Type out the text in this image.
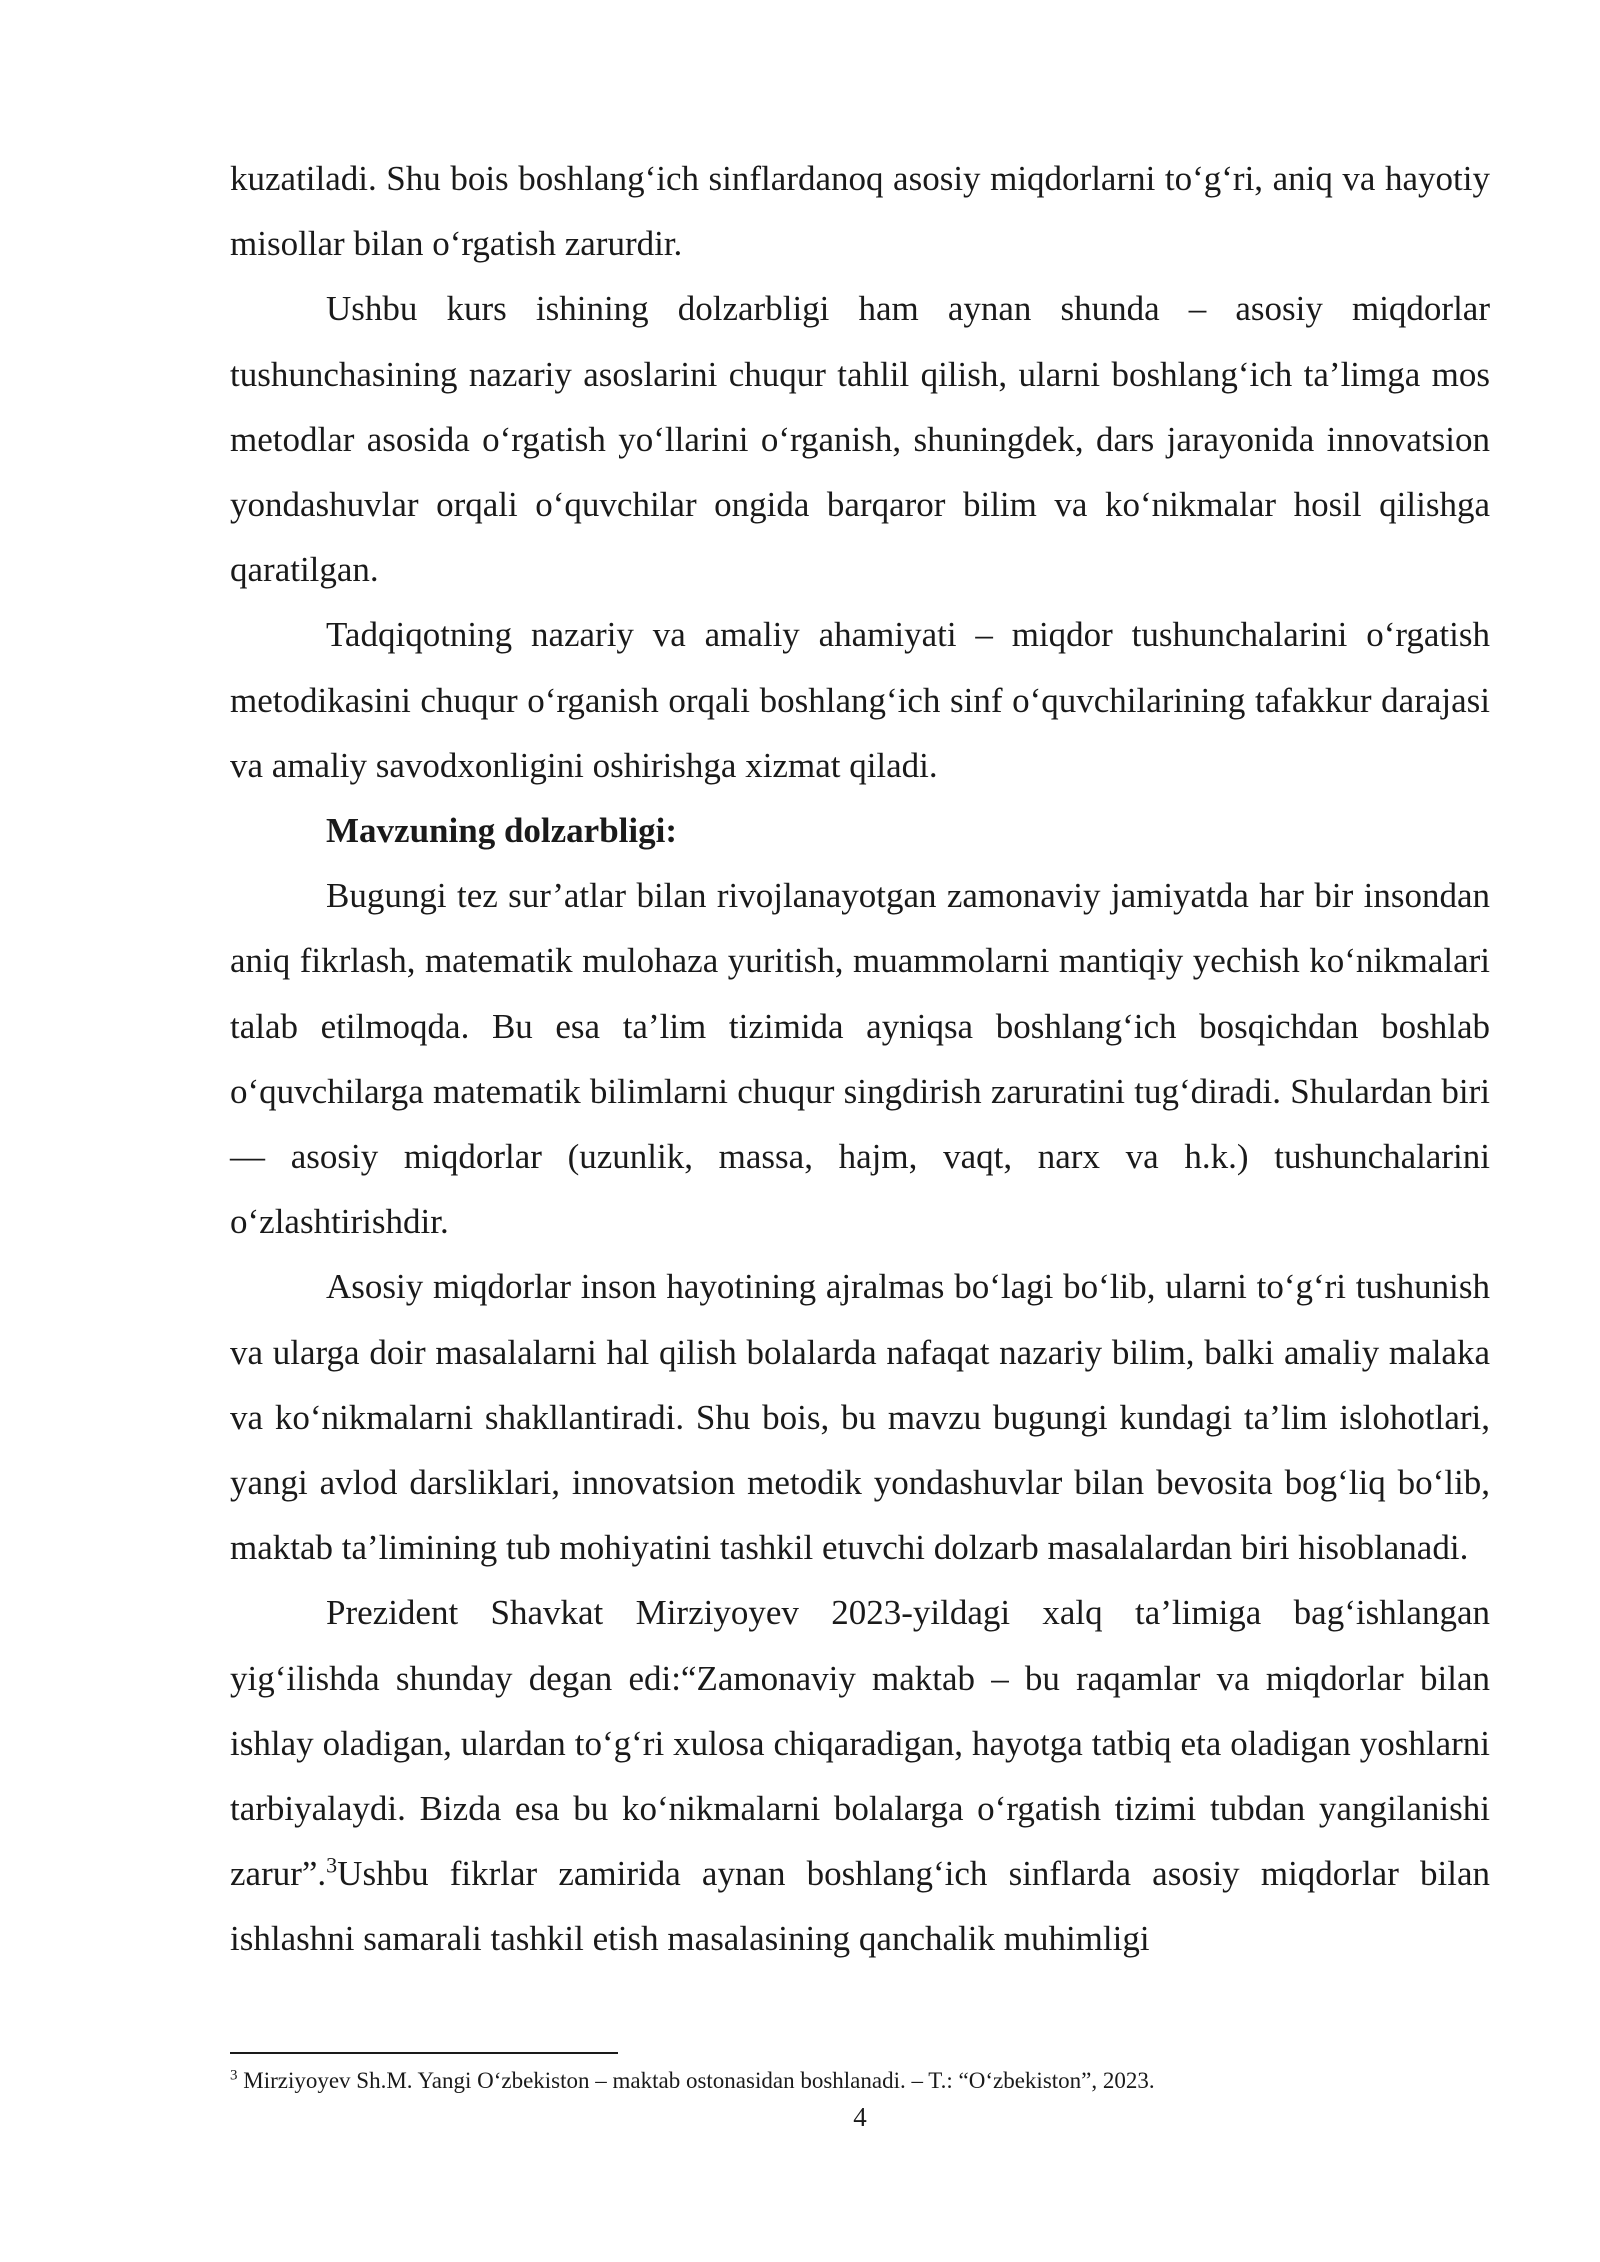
kuzatiladi. Shu bois boshlang‘ich sinflardanoq asosiy miqdorlarni to‘g‘ri, aniq va hayotiy misollar bilan o‘rgatish zarurdir.

Ushbu kurs ishining dolzarbligi ham aynan shunda – asosiy miqdorlar tushunchasining nazariy asoslarini chuqur tahlil qilish, ularni boshlang‘ich ta’limga mos metodlar asosida o‘rgatish yo‘llarini o‘rganish, shuningdek, dars jarayonida innovatsion yondashuvlar orqali o‘quvchilar ongida barqaror bilim va ko‘nikmalar hosil qilishga qaratilgan.

Tadqiqotning nazariy va amaliy ahamiyati – miqdor tushunchalarini o‘rgatish metodikasini chuqur o‘rganish orqali boshlang‘ich sinf o‘quvchilarining tafakkur darajasi va amaliy savodxonligini oshirishga xizmat qiladi.

Mavzuning dolzarbligi:

Bugungi tez sur’atlar bilan rivojlanayotgan zamonaviy jamiyatda har bir insondan aniq fikrlash, matematik mulohaza yuritish, muammolarni mantiqiy yechish ko‘nikmalari talab etilmoqda. Bu esa ta’lim tizimida ayniqsa boshlang‘ich bosqichdan boshlab o‘quvchilarga matematik bilimlarni chuqur singdirish zaruratini tug‘diradi. Shulardan biri — asosiy miqdorlar (uzunlik, massa, hajm, vaqt, narx va h.k.) tushunchalarini o‘zlashtirishdir.

Asosiy miqdorlar inson hayotining ajralmas bo‘lagi bo‘lib, ularni to‘g‘ri tushunish va ularga doir masalalarni hal qilish bolalarda nafaqat nazariy bilim, balki amaliy malaka va ko‘nikmalarni shakllantiradi. Shu bois, bu mavzu bugungi kundagi ta’lim islohotlari, yangi avlod darsliklari, innovatsion metodik yondashuvlar bilan bevosita bog‘liq bo‘lib, maktab ta’limining tub mohiyatini tashkil etuvchi dolzarb masalalardan biri hisoblanadi.

Prezident Shavkat Mirziyoyev 2023-yildagi xalq ta’limiga bag‘ishlangan yig‘ilishda shunday degan edi:“Zamonaviy maktab – bu raqamlar va miqdorlar bilan ishlay oladigan, ulardan to‘g‘ri xulosa chiqaradigan, hayotga tatbiq eta oladigan yoshlarni tarbiyalaydi. Bizda esa bu ko‘nikmalarni bolalarga o‘rgatish tizimi tubdan yangilanishi zarur”.$^3$Ushbu fikrlar zamirida aynan boshlang‘ich sinflarda asosiy miqdorlar bilan ishlashni samarali tashkil etish masalasining qanchalik muhimligi

$^3$ Mirziyoyev Sh.M. Yangi O‘zbekiston – maktab ostonasidan boshlanadi. – T.: “O‘zbekiston”, 2023.
4
